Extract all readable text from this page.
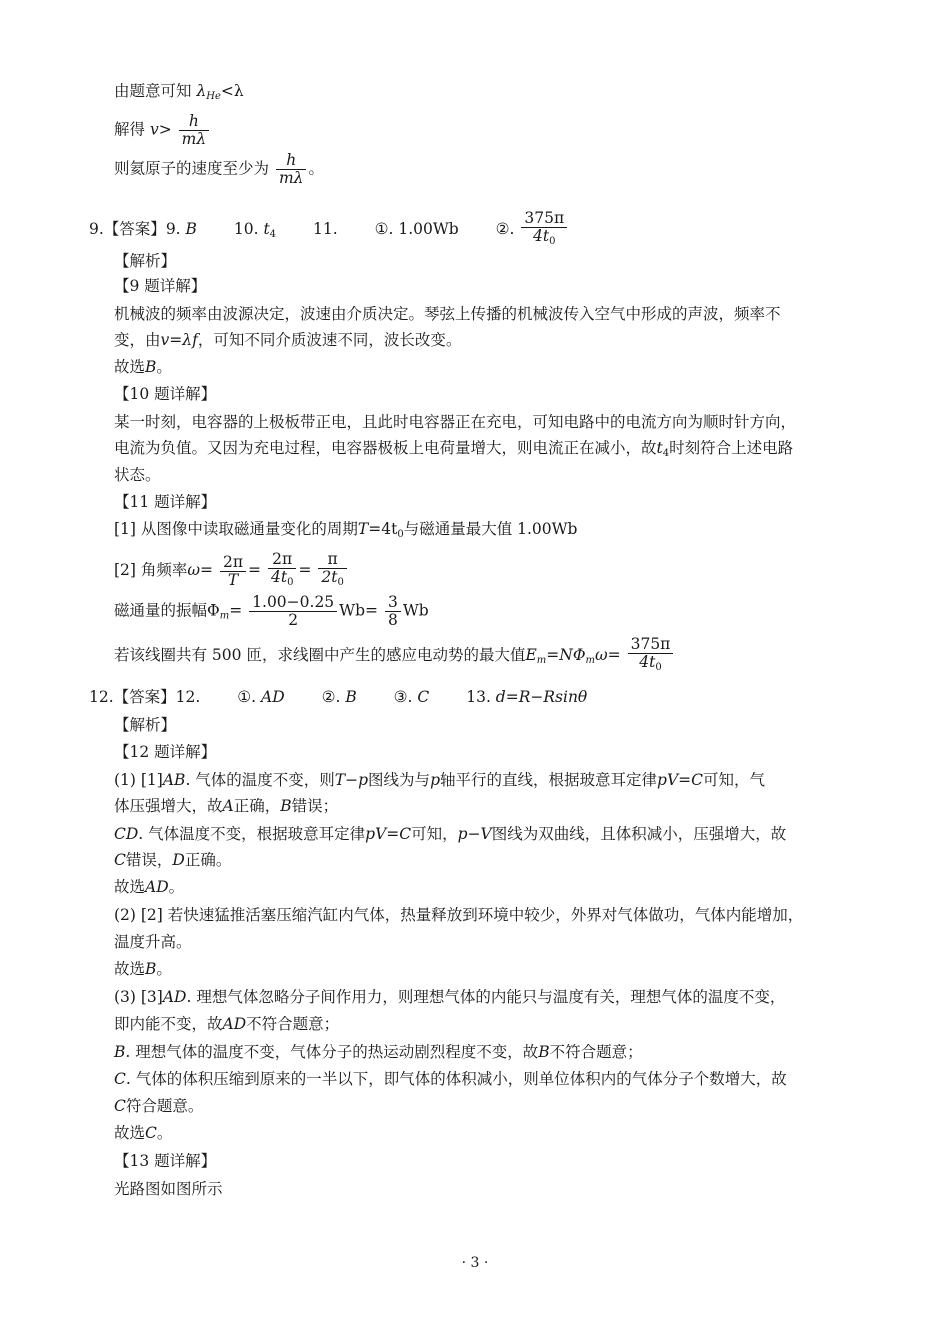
由题意可知 $\lambda_{He}<\lambda$
解得 $v> \frac{h}{m\lambda}$
则氦原子的速度至少为 $\frac{h}{m\lambda}$ 。
9.【答案】9. B 10. $t_4$ 11. ①. 1.00Wb ②. $\frac{375\pi}{4t_0}$
【解析】
【9 题详解】
机械波的频率由波源决定，波速由介质决定。琴弦上传播的机械波传入空气中形成的声波，频率不
变，由v=λf，可知不同介质波速不同，波长改变。
故选B。
【10 题详解】
某一时刻，电容器的上极板带正电，且此时电容器正在充电，可知电路中的电流方向为顺时针方向，
电流为负值。又因为充电过程，电容器极板上电荷量增大，则电流正在减小，故$t_4$时刻符合上述电路
状态。
【11 题详解】
[1] 从图像中读取磁通量变化的周期$T=4t_0$与磁通量最大值 1.00Wb
[2] 角频率$\omega= \frac{2\pi}{T} = \frac{2\pi}{4t_0} = \frac{\pi}{2t_0}$
磁通量的振幅$\Phi_m= \frac{1.00-0.25}{2} Wb= \frac{3}{8}$ Wb
若该线圈共有 500 匝，求线圈中产生的感应电动势的最大值$E_m=N\Phi_m\omega= \frac{375\pi}{4t_0}$
12.【答案】12. ①. AD ②. B ③. C 13. d=R−Rsinθ
【解析】
【12 题详解】
(1) [1]AB. 气体的温度不变，则T−p图线为与p轴平行的直线，根据玻意耳定律pV=C可知，气
体压强增大，故A正确，B错误；
CD. 气体温度不变，根据玻意耳定律pV=C可知，p−V图线为双曲线，且体积减小，压强增大，故
C错误，D正确。
故选AD。
(2) [2] 若快速猛推活塞压缩汽缸内气体，热量释放到环境中较少，外界对气体做功，气体内能增加，
温度升高。
故选B。
(3) [3]AD. 理想气体忽略分子间作用力，则理想气体的内能只与温度有关，理想气体的温度不变，
即内能不变，故AD不符合题意；
B. 理想气体的温度不变，气体分子的热运动剧烈程度不变，故B不符合题意；
C. 气体的体积压缩到原来的一半以下，即气体的体积减小，则单位体积内的气体分子个数增大，故
C符合题意。
故选C。
【13 题详解】
光路图如图所示
· 3 ·
